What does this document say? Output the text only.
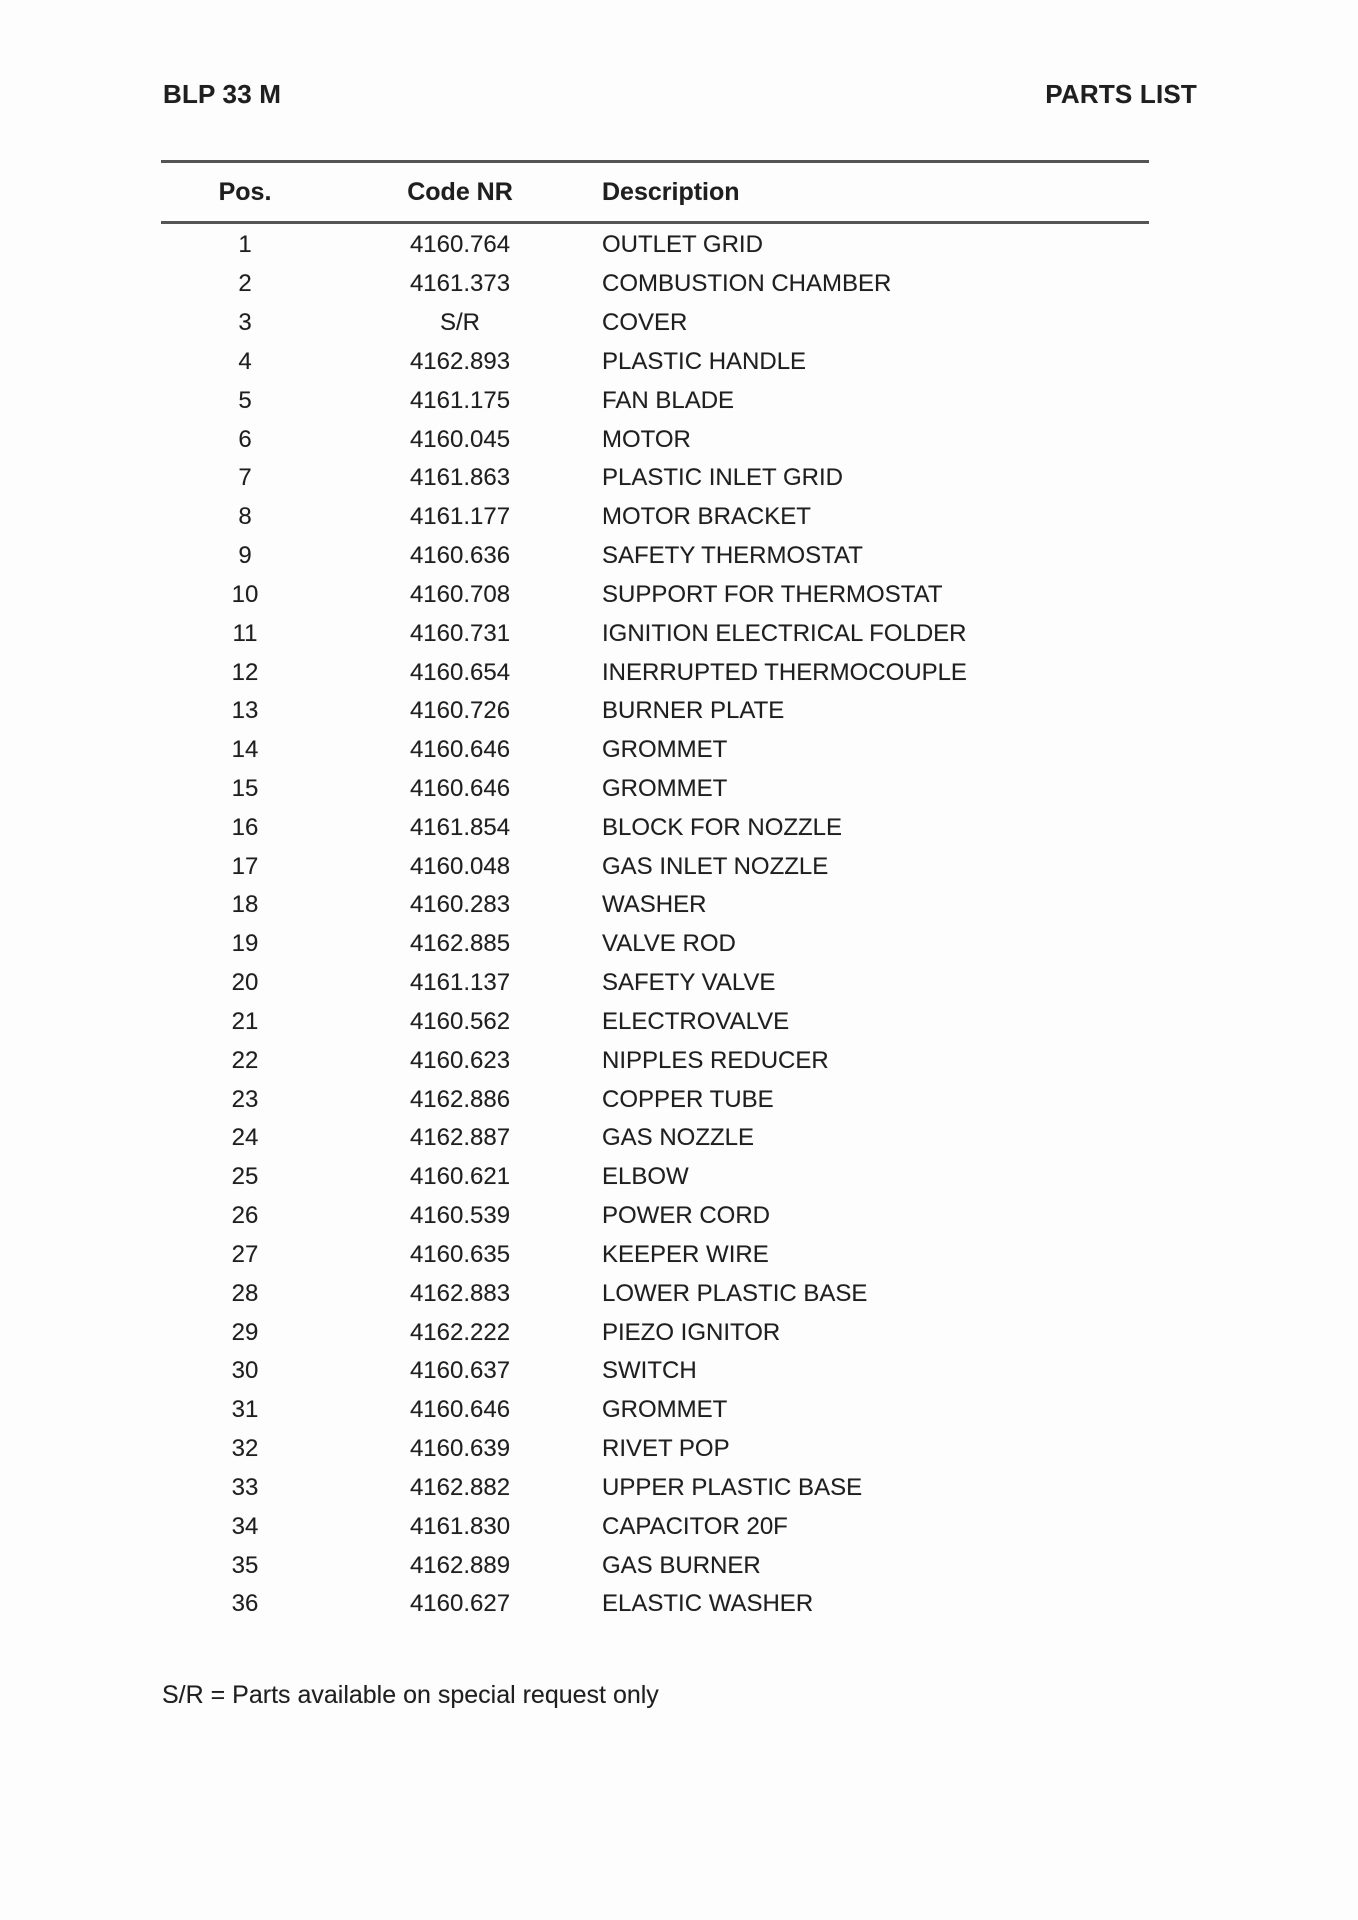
BLP 33 M	PARTS LIST
Pos.	Code NR	Description
1	4160.764	OUTLET GRID
2	4161.373	COMBUSTION CHAMBER
3	S/R	COVER
4	4162.893	PLASTIC HANDLE
5	4161.175	FAN BLADE
6	4160.045	MOTOR
7	4161.863	PLASTIC INLET GRID
8	4161.177	MOTOR BRACKET
9	4160.636	SAFETY THERMOSTAT
10	4160.708	SUPPORT FOR THERMOSTAT
11	4160.731	IGNITION ELECTRICAL FOLDER
12	4160.654	INERRUPTED THERMOCOUPLE
13	4160.726	BURNER PLATE
14	4160.646	GROMMET
15	4160.646	GROMMET
16	4161.854	BLOCK FOR NOZZLE
17	4160.048	GAS INLET NOZZLE
18	4160.283	WASHER
19	4162.885	VALVE ROD
20	4161.137	SAFETY VALVE
21	4160.562	ELECTROVALVE
22	4160.623	NIPPLES REDUCER
23	4162.886	COPPER TUBE
24	4162.887	GAS NOZZLE
25	4160.621	ELBOW
26	4160.539	POWER CORD
27	4160.635	KEEPER WIRE
28	4162.883	LOWER PLASTIC BASE
29	4162.222	PIEZO IGNITOR
30	4160.637	SWITCH
31	4160.646	GROMMET
32	4160.639	RIVET POP
33	4162.882	UPPER PLASTIC BASE
34	4161.830	CAPACITOR 20F
35	4162.889	GAS BURNER
36	4160.627	ELASTIC WASHER
S/R = Parts available on special request only
